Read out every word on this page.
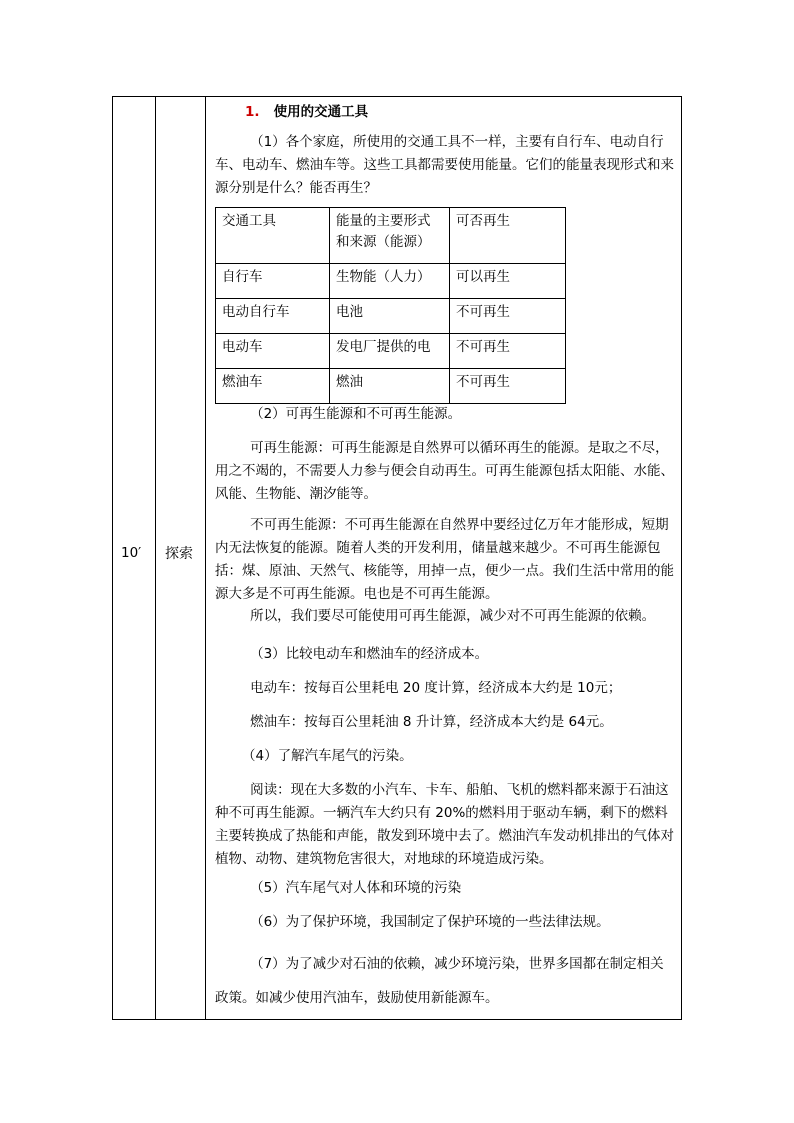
10′	探索
1. 使用的交通工具
（1）各个家庭，所使用的交通工具不一样，主要有自行车、电动自行车、电动车、燃油车等。这些工具都需要使用能量。它们的能量表现形式和来源分别是什么？能否再生？
交通工具	能量的主要形式和来源（能源）	可否再生
自行车	生物能（人力）	可以再生
电动自行车	电池	不可再生
电动车	发电厂提供的电	不可再生
燃油车	燃油	不可再生
（2）可再生能源和不可再生能源。
可再生能源：可再生能源是自然界可以循环再生的能源。是取之不尽，用之不竭的，不需要人力参与便会自动再生。可再生能源包括太阳能、水能、风能、生物能、潮汐能等。
不可再生能源：不可再生能源在自然界中要经过亿万年才能形成，短期内无法恢复的能源。随着人类的开发利用，储量越来越少。不可再生能源包括：煤、原油、天然气、核能等，用掉一点，便少一点。我们生活中常用的能源大多是不可再生能源。电也是不可再生能源。
所以，我们要尽可能使用可再生能源，减少对不可再生能源的依赖。
（3）比较电动车和燃油车的经济成本。
电动车：按每百公里耗电 20 度计算，经济成本大约是 10元；
燃油车：按每百公里耗油 8 升计算，经济成本大约是 64元。
（4）了解汽车尾气的污染。
阅读：现在大多数的小汽车、卡车、船舶、飞机的燃料都来源于石油这种不可再生能源。一辆汽车大约只有 20%的燃料用于驱动车辆，剩下的燃料主要转换成了热能和声能，散发到环境中去了。燃油汽车发动机排出的气体对植物、动物、建筑物危害很大，对地球的环境造成污染。
（5）汽车尾气对人体和环境的污染
（6）为了保护环境，我国制定了保护环境的一些法律法规。
（7）为了减少对石油的依赖，减少环境污染，世界多国都在制定相关政策。如减少使用汽油车，鼓励使用新能源车。
